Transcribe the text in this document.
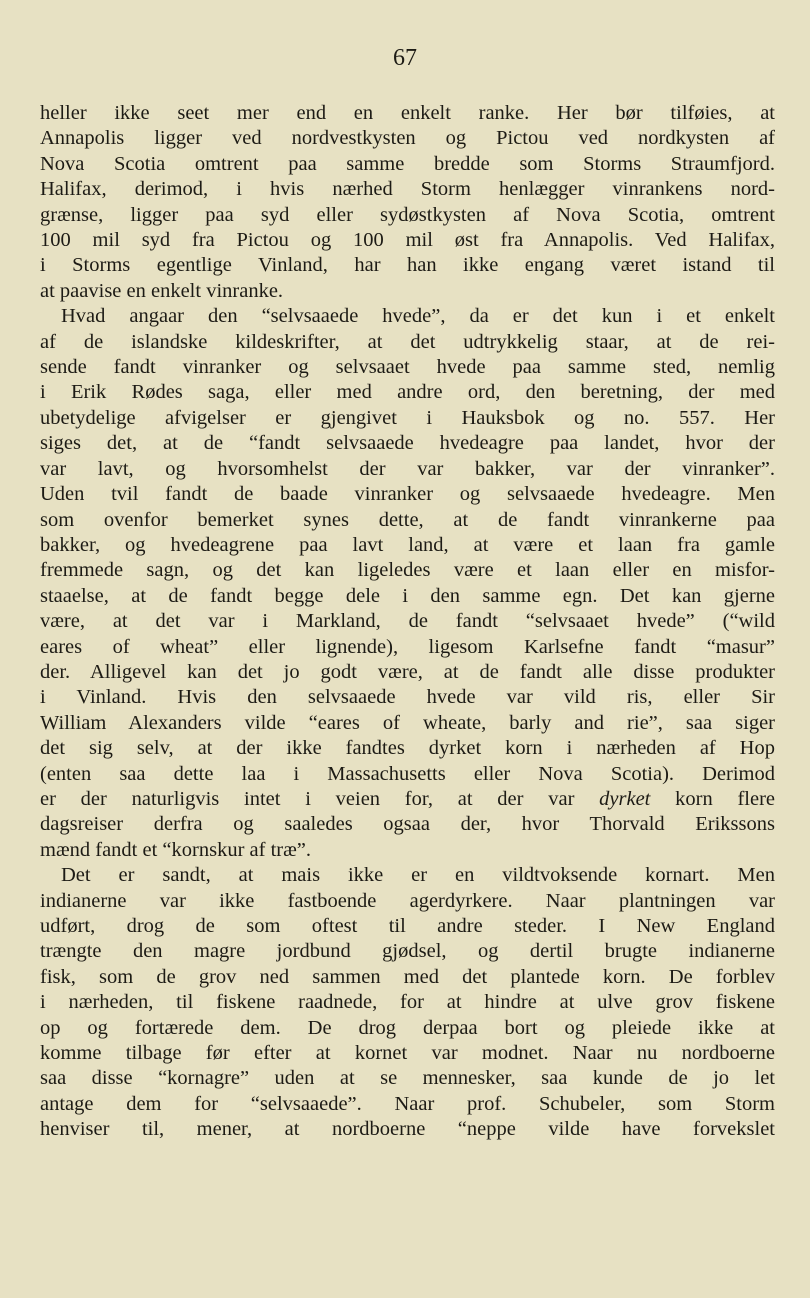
67
heller ikke seet mer end en enkelt ranke. Her bør tilføies, at
Annapolis ligger ved nordvestkysten og Pictou ved nordkysten af
Nova Scotia omtrent paa samme bredde som Storms Straumfjord.
Halifax, derimod, i hvis nærhed Storm henlægger vinrankens nord-
grænse, ligger paa syd eller sydøstkysten af Nova Scotia, omtrent
100 mil syd fra Pictou og 100 mil øst fra Annapolis. Ved Halifax,
i Storms egentlige Vinland, har han ikke engang været istand til
at paavise en enkelt vinranke.
Hvad angaar den “selvsaaede hvede”, da er det kun i et enkelt
af de islandske kildeskrifter, at det udtrykkelig staar, at de rei-
sende fandt vinranker og selvsaaet hvede paa samme sted, nemlig
i Erik Rødes saga, eller med andre ord, den beretning, der med
ubetydelige afvigelser er gjengivet i Hauksbok og no. 557. Her
siges det, at de “fandt selvsaaede hvedeagre paa landet, hvor der
var lavt, og hvorsomhelst der var bakker, var der vinranker”.
Uden tvil fandt de baade vinranker og selvsaaede hvedeagre. Men
som ovenfor bemerket synes dette, at de fandt vinrankerne paa
bakker, og hvedeagrene paa lavt land, at være et laan fra gamle
fremmede sagn, og det kan ligeledes være et laan eller en misfor-
staaelse, at de fandt begge dele i den samme egn. Det kan gjerne
være, at det var i Markland, de fandt “selvsaaet hvede” (“wild
eares of wheat” eller lignende), ligesom Karlsefne fandt “masur”
der. Alligevel kan det jo godt være, at de fandt alle disse produkter
i Vinland. Hvis den selvsaaede hvede var vild ris, eller Sir
William Alexanders vilde “eares of wheate, barly and rie”, saa siger
det sig selv, at der ikke fandtes dyrket korn i nærheden af Hop
(enten saa dette laa i Massachusetts eller Nova Scotia). Derimod
er der naturligvis intet i veien for, at der var dyrket korn flere
dagsreiser derfra og saaledes ogsaa der, hvor Thorvald Erikssons
mænd fandt et “kornskur af træ”.
Det er sandt, at mais ikke er en vildtvoksende kornart. Men
indianerne var ikke fastboende agerdyrkere. Naar plantningen var
udført, drog de som oftest til andre steder. I New England
trængte den magre jordbund gjødsel, og dertil brugte indianerne
fisk, som de grov ned sammen med det plantede korn. De forblev
i nærheden, til fiskene raadnede, for at hindre at ulve grov fiskene
op og fortærede dem. De drog derpaa bort og pleiede ikke at
komme tilbage før efter at kornet var modnet. Naar nu nordboerne
saa disse “kornagre” uden at se mennesker, saa kunde de jo let
antage dem for “selvsaaede”. Naar prof. Schubeler, som Storm
henviser til, mener, at nordboerne “neppe vilde have forvekslet
